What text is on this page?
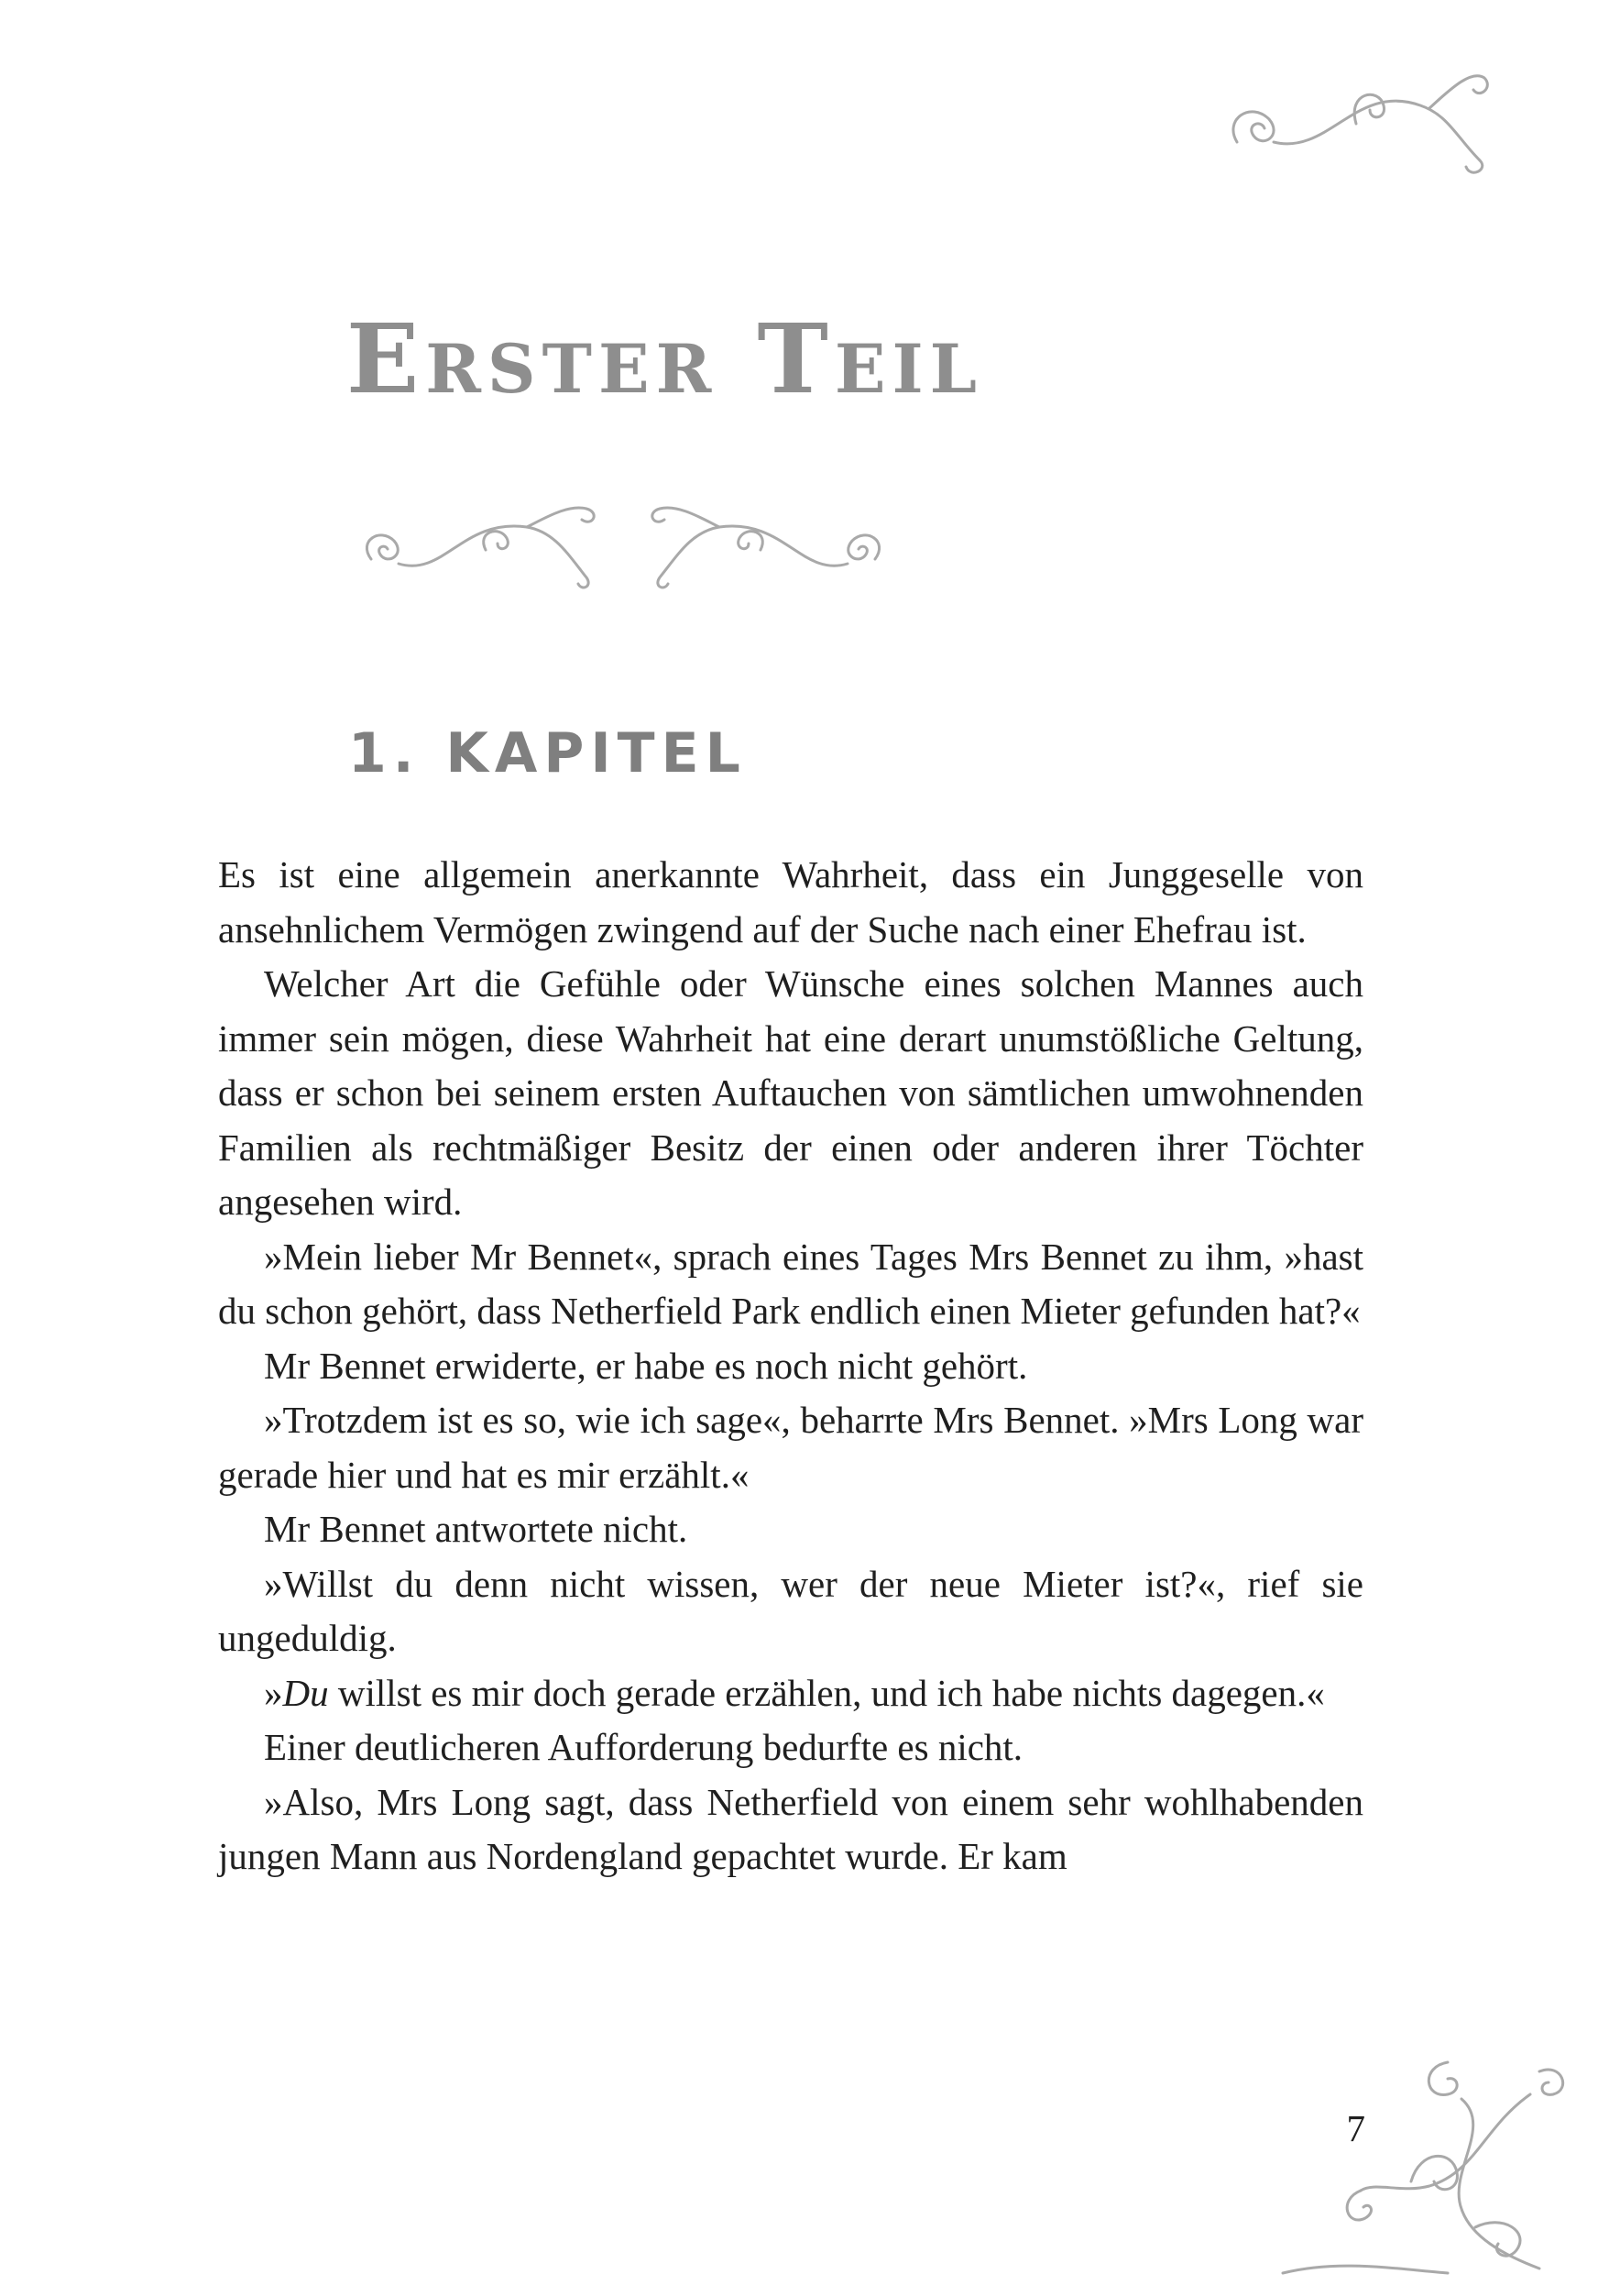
Erster Teil
1. KAPITEL

Es ist eine allgemein anerkannte Wahrheit, dass ein Junggeselle von ansehnlichem Vermögen zwingend auf der Suche nach einer Ehefrau ist.

Welcher Art die Gefühle oder Wünsche eines solchen Mannes auch immer sein mögen, diese Wahrheit hat eine derart unumstößliche Geltung, dass er schon bei seinem ersten Auftauchen von sämtlichen umwohnenden Familien als rechtmäßiger Besitz der einen oder anderen ihrer Töchter angesehen wird.

»Mein lieber Mr Bennet«, sprach eines Tages Mrs Bennet zu ihm, »hast du schon gehört, dass Netherfield Park endlich einen Mieter gefunden hat?«

Mr Bennet erwiderte, er habe es noch nicht gehört.

»Trotzdem ist es so, wie ich sage«, beharrte Mrs Bennet. »Mrs Long war gerade hier und hat es mir erzählt.«

Mr Bennet antwortete nicht.

»Willst du denn nicht wissen, wer der neue Mieter ist?«, rief sie ungeduldig.

»Du willst es mir doch gerade erzählen, und ich habe nichts dagegen.«

Einer deutlicheren Aufforderung bedurfte es nicht.

»Also, Mrs Long sagt, dass Netherfield von einem sehr wohlhabenden jungen Mann aus Nordengland gepachtet wurde. Er kam

7
